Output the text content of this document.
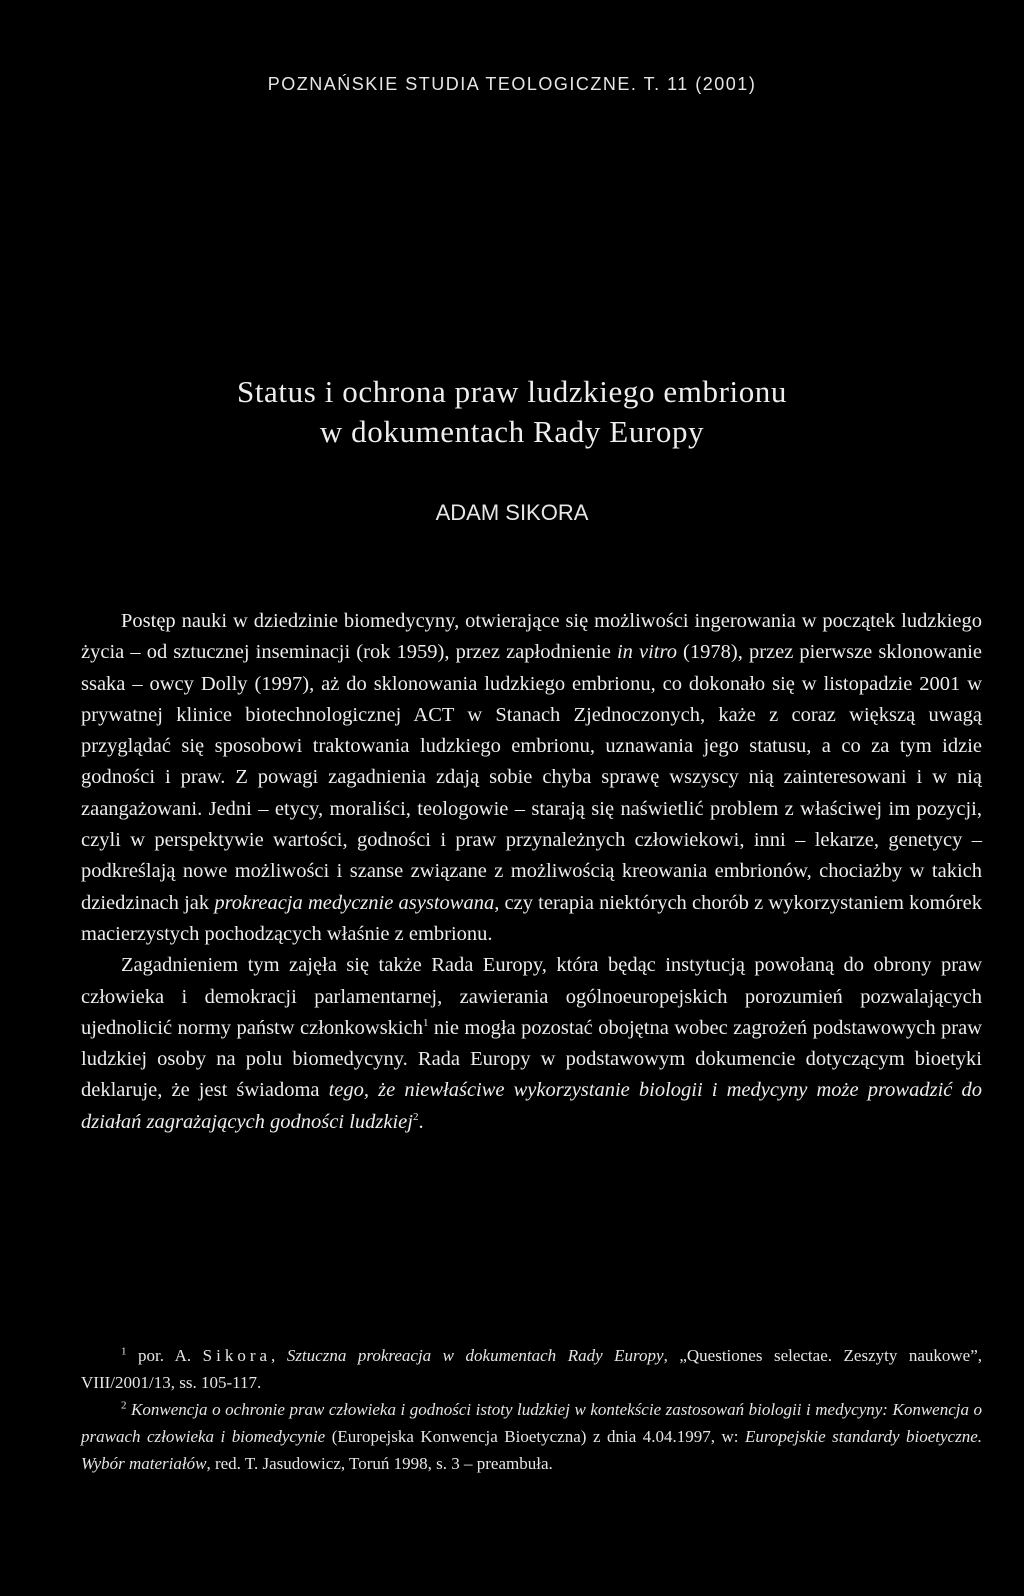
POZNAŃSKIE STUDIA TEOLOGICZNE. T. 11 (2001)
Status i ochrona praw ludzkiego embrionu
w dokumentach Rady Europy
ADAM SIKORA

Postęp nauki w dziedzinie biomedycyny, otwierające się możliwości ingerowania w początek ludzkiego życia – od sztucznej inseminacji (rok 1959), przez zapłodnienie in vitro (1978), przez pierwsze sklonowanie ssaka – owcy Dolly (1997), aż do sklonowania ludzkiego embrionu, co dokonało się w listopadzie 2001 w prywatnej klinice biotechnologicznej ACT w Stanach Zjednoczonych, każe z coraz większą uwagą przyglądać się sposobowi traktowania ludzkiego embrionu, uznawania jego statusu, a co za tym idzie godności i praw. Z powagi zagadnienia zdają sobie chyba sprawę wszyscy nią zainteresowani i w nią zaangażowani. Jedni – etycy, moraliści, teologowie – starają się naświetlić problem z właściwej im pozycji, czyli w perspektywie wartości, godności i praw przynależnych człowiekowi, inni – lekarze, genetycy – podkreślają nowe możliwości i szanse związane z możliwością kreowania embrionów, chociażby w takich dziedzinach jak prokreacja medycznie asystowana, czy terapia niektórych chorób z wykorzystaniem komórek macierzystych pochodzących właśnie z embrionu.

Zagadnieniem tym zajęła się także Rada Europy, która będąc instytucją powołaną do obrony praw człowieka i demokracji parlamentarnej, zawierania ogólnoeuropejskich porozumień pozwalających ujednolicić normy państw członkowskich$^1$ nie mogła pozostać obojętna wobec zagrożeń podstawowych praw ludzkiej osoby na polu biomedycyny. Rada Europy w podstawowym dokumencie dotyczącym bioetyki deklaruje, że jest świadoma tego, że niewłaściwe wykorzystanie biologii i medycyny może prowadzić do działań zagrażających godności ludzkiej$^2$.

$^1$ por. A. Sikora, Sztuczna prokreacja w dokumentach Rady Europy, „Questiones selectae. Zeszyty naukowe”, VIII/2001/13, ss. 105-117.

$^2$ Konwencja o ochronie praw człowieka i godności istoty ludzkiej w kontekście zastosowań biologii i medycyny: Konwencja o prawach człowieka i biomedycynie (Europejska Konwencja Bioetyczna) z dnia 4.04.1997, w: Europejskie standardy bioetyczne. Wybór materiałów, red. T. Jasudowicz, Toruń 1998, s. 3 – preambuła.
